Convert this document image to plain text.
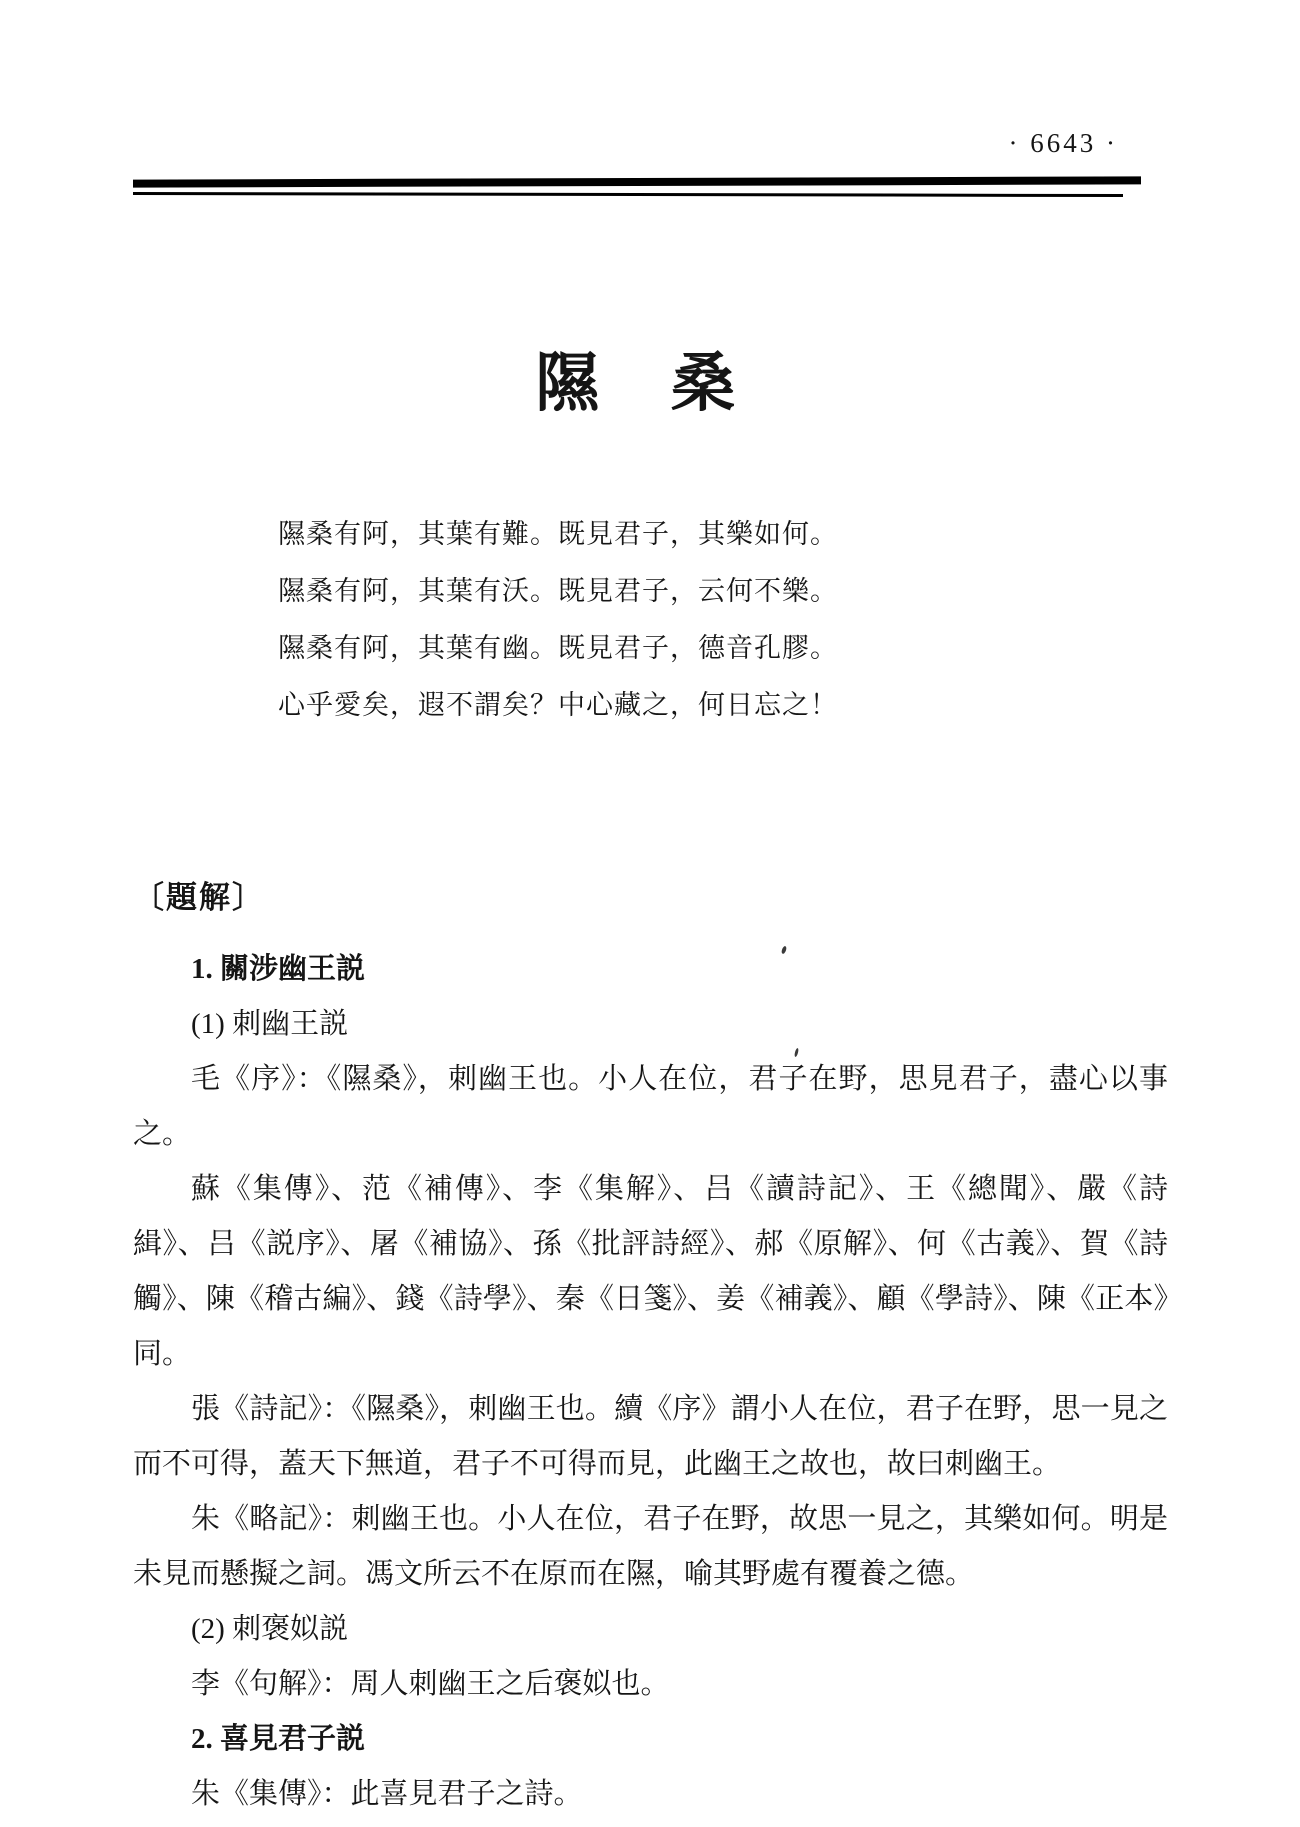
· 6643 ·
隰　桑
隰桑有阿，其葉有難。既見君子，其樂如何。
隰桑有阿，其葉有沃。既見君子，云何不樂。
隰桑有阿，其葉有幽。既見君子，德音孔膠。
心乎愛矣，遐不謂矣？中心藏之，何日忘之！
〔題解〕

1. 關涉幽王説

(1) 刺幽王説

毛《序》：《隰桑》，刺幽王也。小人在位，君子在野，思見君子，盡心以事之。

蘇《集傳》、范《補傳》、李《集解》、吕《讀詩記》、王《總聞》、嚴《詩緝》、吕《説序》、屠《補協》、孫《批評詩經》、郝《原解》、何《古義》、賀《詩觸》、陳《稽古編》、錢《詩學》、秦《日箋》、姜《補義》、顧《學詩》、陳《正本》同。

張《詩記》：《隰桑》，刺幽王也。續《序》謂小人在位，君子在野，思一見之而不可得，蓋天下無道，君子不可得而見，此幽王之故也，故曰刺幽王。

朱《略記》：刺幽王也。小人在位，君子在野，故思一見之，其樂如何。明是未見而懸擬之詞。馮文所云不在原而在隰，喻其野處有覆養之德。

(2) 刺褒姒説

李《句解》：周人刺幽王之后褒姒也。

2. 喜見君子説

朱《集傳》：此喜見君子之詩。
